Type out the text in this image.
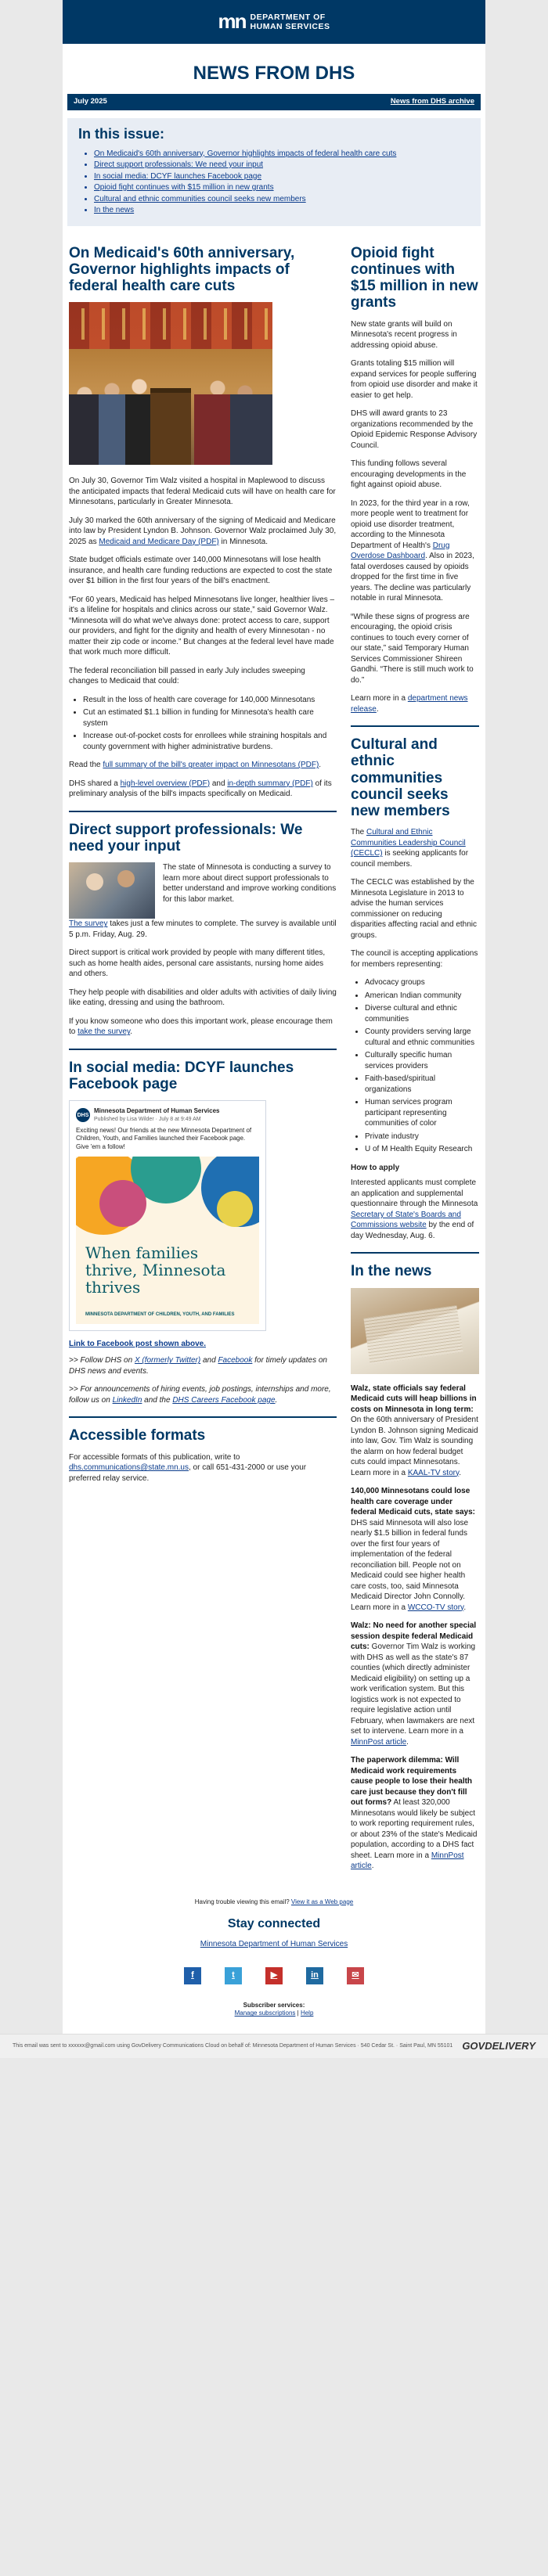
mn DEPARTMENT OF
HUMAN SERVICES
NEWS FROM DHS
July 2025	News from DHS archive
In this issue:
• On Medicaid's 60th anniversary, Governor highlights impacts of federal health care cuts
• Direct support professionals: We need your input
• In social media: DCYF launches Facebook page
• Opioid fight continues with $15 million in new grants
• Cultural and ethnic communities council seeks new members
• In the news
On Medicaid's 60th anniversary, Governor highlights impacts of federal health care cuts

On July 30, Governor Tim Walz visited a hospital in Maplewood to discuss the anticipated impacts that federal Medicaid cuts will have on health care for Minnesotans, particularly in Greater Minnesota.

July 30 marked the 60th anniversary of the signing of Medicaid and Medicare into law by President Lyndon B. Johnson. Governor Walz proclaimed July 30, 2025 as Medicaid and Medicare Day (PDF) in Minnesota.

State budget officials estimate over 140,000 Minnesotans will lose health insurance, and health care funding reductions are expected to cost the state over $1 billion in the first four years of the bill's enactment.

“For 60 years, Medicaid has helped Minnesotans live longer, healthier lives – it's a lifeline for hospitals and clinics across our state,” said Governor Walz. “Minnesota will do what we've always done: protect access to care, support our providers, and fight for the dignity and health of every Minnesotan - no matter their zip code or income.” But changes at the federal level have made that work much more difficult.

The federal reconciliation bill passed in early July includes sweeping changes to Medicaid that could:

• Result in the loss of health care coverage for 140,000 Minnesotans
• Cut an estimated $1.1 billion in funding for Minnesota's health care system
• Increase out-of-pocket costs for enrollees while straining hospitals and county government with higher administrative burdens.

Read the full summary of the bill's greater impact on Minnesotans (PDF).

DHS shared a high-level overview (PDF) and in-depth summary (PDF) of its preliminary analysis of the bill's impacts specifically on Medicaid.

Direct support professionals: We need your input

The state of Minnesota is conducting a survey to learn more about direct support professionals to better understand and improve working conditions for this labor market.

The survey takes just a few minutes to complete. The survey is available until 5 p.m. Friday, Aug. 29.

Direct support is critical work provided by people with many different titles, such as home health aides, personal care assistants, nursing home aides and others.

They help people with disabilities and older adults with activities of daily living like eating, dressing and using the bathroom.

If you know someone who does this important work, please encourage them to take the survey.

In social media: DCYF launches Facebook page
DHS
Minnesota Department of Human Services
Published by Lisa Wilder · July 8 at 9:49 AM
Exciting news! Our friends at the new Minnesota Department of Children, Youth, and Families launched their Facebook page. Give 'em a follow!
When families thrive, Minnesota thrives
MINNESOTA DEPARTMENT OF CHILDREN, YOUTH, AND FAMILIES
Link to Facebook post shown above.

>> Follow DHS on X (formerly Twitter) and Facebook for timely updates on DHS news and events.

>> For announcements of hiring events, job postings, internships and more, follow us on LinkedIn and the DHS Careers Facebook page.

Accessible formats

For accessible formats of this publication, write to dhs.communications@state.mn.us, or call 651-431-2000 or use your preferred relay service.

Opioid fight continues with $15 million in new grants

New state grants will build on Minnesota's recent progress in addressing opioid abuse.

Grants totaling $15 million will expand services for people suffering from opioid use disorder and make it easier to get help.

DHS will award grants to 23 organizations recommended by the Opioid Epidemic Response Advisory Council.

This funding follows several encouraging developments in the fight against opioid abuse.

In 2023, for the third year in a row, more people went to treatment for opioid use disorder treatment, according to the Minnesota Department of Health's Drug Overdose Dashboard. Also in 2023, fatal overdoses caused by opioids dropped for the first time in five years. The decline was particularly notable in rural Minnesota.

“While these signs of progress are encouraging, the opioid crisis continues to touch every corner of our state,” said Temporary Human Services Commissioner Shireen Gandhi. “There is still much work to do.”

Learn more in a department news release.

Cultural and ethnic communities council seeks new members

The Cultural and Ethnic Communities Leadership Council (CECLC) is seeking applicants for council members.

The CECLC was established by the Minnesota Legislature in 2013 to advise the human services commissioner on reducing disparities affecting racial and ethnic groups.

The council is accepting applications for members representing:

• Advocacy groups
• American Indian community
• Diverse cultural and ethnic communities
• County providers serving large cultural and ethnic communities
• Culturally specific human services providers
• Faith-based/spiritual organizations
• Human services program participant representing communities of color
• Private industry
• U of M Health Equity Research

How to apply

Interested applicants must complete an application and supplemental questionnaire through the Minnesota Secretary of State's Boards and Commissions website by the end of day Wednesday, Aug. 6.

In the news

Walz, state officials say federal Medicaid cuts will heap billions in costs on Minnesota in long term: On the 60th anniversary of President Lyndon B. Johnson signing Medicaid into law, Gov. Tim Walz is sounding the alarm on how federal budget cuts could impact Minnesotans. Learn more in a KAAL-TV story.

140,000 Minnesotans could lose health care coverage under federal Medicaid cuts, state says: DHS said Minnesota will also lose nearly $1.5 billion in federal funds over the first four years of implementation of the federal reconciliation bill. People not on Medicaid could see higher health care costs, too, said Minnesota Medicaid Director John Connolly. Learn more in a WCCO-TV story.

Walz: No need for another special session despite federal Medicaid cuts: Governor Tim Walz is working with DHS as well as the state's 87 counties (which directly administer Medicaid eligibility) on setting up a work verification system. But this logistics work is not expected to require legislative action until February, when lawmakers are next set to intervene. Learn more in a MinnPost article.

The paperwork dilemma: Will Medicaid work requirements cause people to lose their health care just because they don't fill out forms? At least 320,000 Minnesotans would likely be subject to work reporting requirement rules, or about 23% of the state's Medicaid population, according to a DHS fact sheet. Learn more in a MinnPost article.

Having trouble viewing this email? View it as a Web page
Stay connected
Minnesota Department of Human Services
f	t	▶	in	✉
Subscriber services:
Manage subscriptions | Help
This email was sent to xxxxxx@gmail.com using GovDelivery Communications Cloud on behalf of: Minnesota Department of Human Services · 540 Cedar St. · Saint Paul, MN 55101 GOVDELIVERY
